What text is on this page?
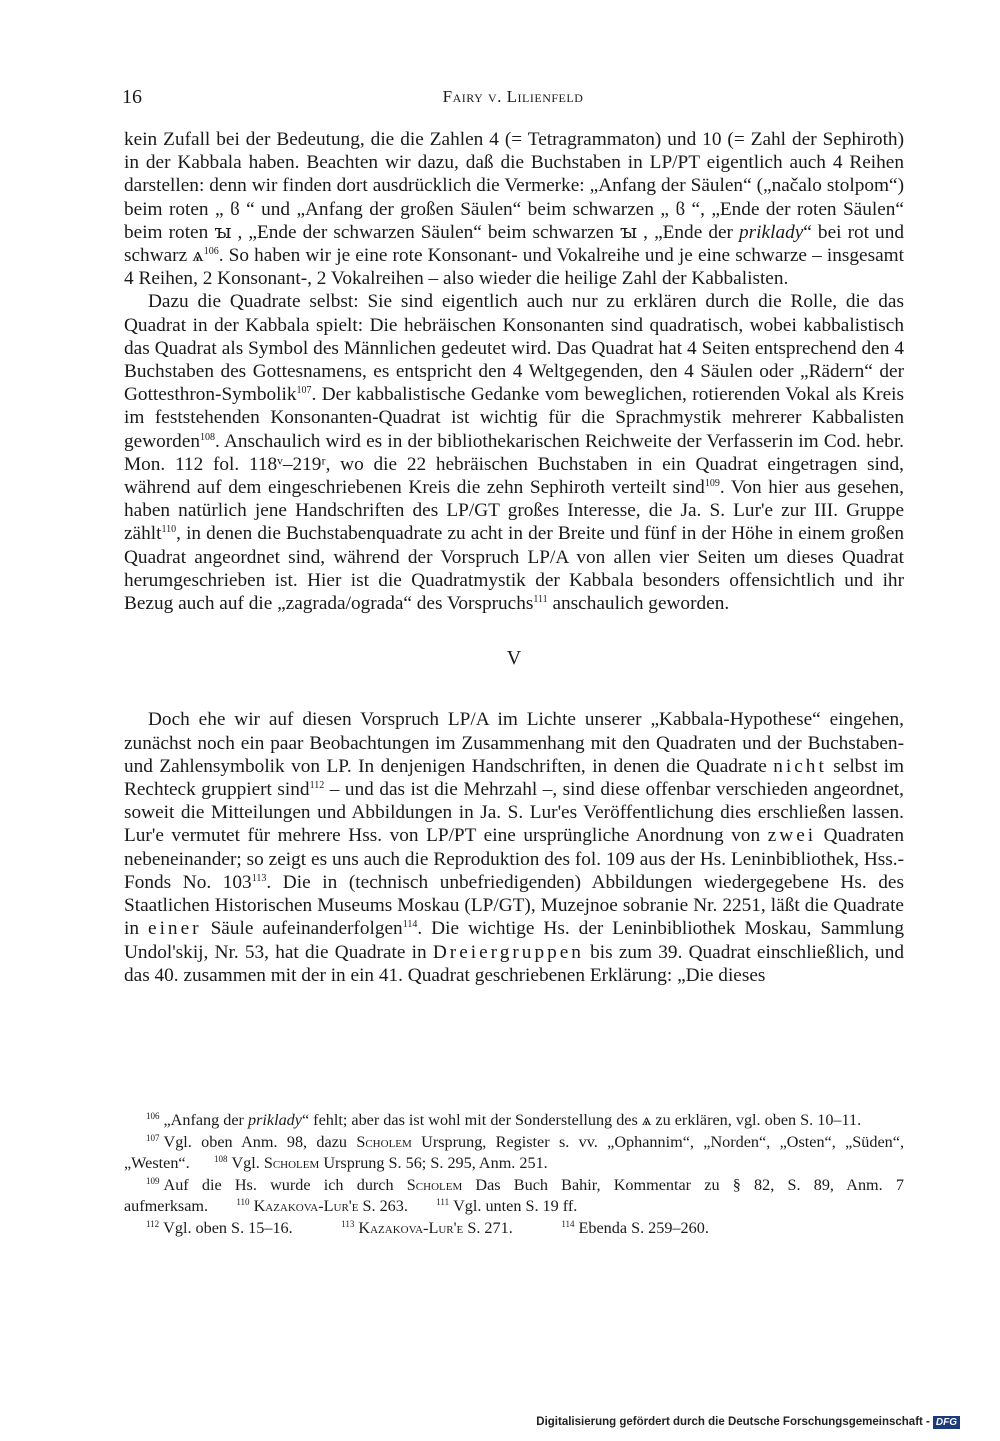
16	Fairy v. Lilienfeld

kein Zufall bei der Bedeutung, die die Zahlen 4 (= Tetragrammaton) und 10 (= Zahl der Sephiroth) in der Kabbala haben. Beachten wir dazu, daß die Buchstaben in LP/PT eigentlich auch 4 Reihen darstellen: denn wir finden dort ausdrücklich die Vermerke: „Anfang der Säulen“ („načalo stolpom“) beim roten „ ϐ “ und „Anfang der großen Säulen“ beim schwarzen „ ϐ “, „Ende der roten Säulen“ beim roten ꙑ , „Ende der schwarzen Säulen“ beim schwarzen ꙑ , „Ende der priklady“ bei rot und schwarz $ѧ^{106}$. So haben wir je eine rote Konsonant- und Vokalreihe und je eine schwarze – insgesamt 4 Reihen, 2 Konsonant-, 2 Vokalreihen – also wieder die heilige Zahl der Kabbalisten.

Dazu die Quadrate selbst: Sie sind eigentlich auch nur zu erklären durch die Rolle, die das Quadrat in der Kabbala spielt: Die hebräischen Konsonanten sind quadratisch, wobei kabbalistisch das Quadrat als Symbol des Männlichen gedeutet wird. Das Quadrat hat 4 Seiten entsprechend den 4 Buchstaben des Gottesnamens, es entspricht den 4 Weltgegenden, den 4 Säulen oder „Rädern“ der Gottesthron-Symbolik$^{107}$. Der kabbalistische Gedanke vom beweglichen, rotierenden Vokal als Kreis im feststehenden Konsonanten-Quadrat ist wichtig für die Sprachmystik mehrerer Kabbalisten geworden$^{108}$. Anschaulich wird es in der bibliothekarischen Reichweite der Verfasserin im Cod. hebr. Mon. 112 fol. 118ᵛ–219ʳ, wo die 22 hebräischen Buchstaben in ein Quadrat eingetragen sind, während auf dem eingeschriebenen Kreis die zehn Sephiroth verteilt sind$^{109}$. Von hier aus gesehen, haben natürlich jene Handschriften des LP/GT großes Interesse, die Ja. S. Lur'e zur III. Gruppe zählt$^{110}$, in denen die Buchstabenquadrate zu acht in der Breite und fünf in der Höhe in einem großen Quadrat angeordnet sind, während der Vorspruch LP/A von allen vier Seiten um dieses Quadrat herumgeschrieben ist. Hier ist die Quadratmystik der Kabbala besonders offensichtlich und ihr Bezug auch auf die „zagrada/ograda“ des Vorspruchs$^{111}$ anschaulich geworden.

V

Doch ehe wir auf diesen Vorspruch LP/A im Lichte unserer „Kabbala-Hypothese“ eingehen, zunächst noch ein paar Beobachtungen im Zusammenhang mit den Quadraten und der Buchstaben- und Zahlensymbolik von LP. In denjenigen Handschriften, in denen die Quadrate nicht selbst im Rechteck gruppiert sind$^{112}$ – und das ist die Mehrzahl –, sind diese offenbar verschieden angeordnet, soweit die Mitteilungen und Abbildungen in Ja. S. Lur'es Veröffentlichung dies erschließen lassen. Lur'e vermutet für mehrere Hss. von LP/PT eine ursprüngliche Anordnung von zwei Quadraten nebeneinander; so zeigt es uns auch die Reproduktion des fol. 109 aus der Hs. Leninbibliothek, Hss.-Fonds No. $103^{113}$. Die in (technisch unbefriedigenden) Abbildungen wiedergegebene Hs. des Staatlichen Historischen Museums Moskau (LP/GT), Muzejnoe sobranie Nr. 2251, läßt die Quadrate in einer Säule aufeinanderfolgen$^{114}$. Die wichtige Hs. der Leninbibliothek Moskau, Sammlung Undol'skij, Nr. 53, hat die Quadrate in Dreiergruppen bis zum 39. Quadrat einschließlich, und das 40. zusammen mit der in ein 41. Quadrat geschriebenen Erklärung: „Die dieses

$^{106}$ „Anfang der priklady“ fehlt; aber das ist wohl mit der Sonderstellung des ѧ zu erklären, vgl. oben S. 10–11.

$^{107}$ Vgl. oben Anm. 98, dazu Scholem Ursprung, Register s. vv. „Ophannim“, „Norden“, „Osten“, „Süden“, „Westen“.	$^{108}$ Vgl. Scholem Ursprung S. 56; S. 295, Anm. 251.

$^{109}$ Auf die Hs. wurde ich durch Scholem Das Buch Bahir, Kommentar zu § 82, S. 89, Anm. 7 aufmerksam.	$^{110}$ Kazakova-Lur'e S. 263.	$^{111}$ Vgl. unten S. 19 ff.

$^{112}$ Vgl. oben S. 15–16.	$^{113}$ Kazakova-Lur'e S. 271.	$^{114}$ Ebenda S. 259–260.

Digitalisierung gefördert durch die Deutsche Forschungsgemeinschaft - DFG
